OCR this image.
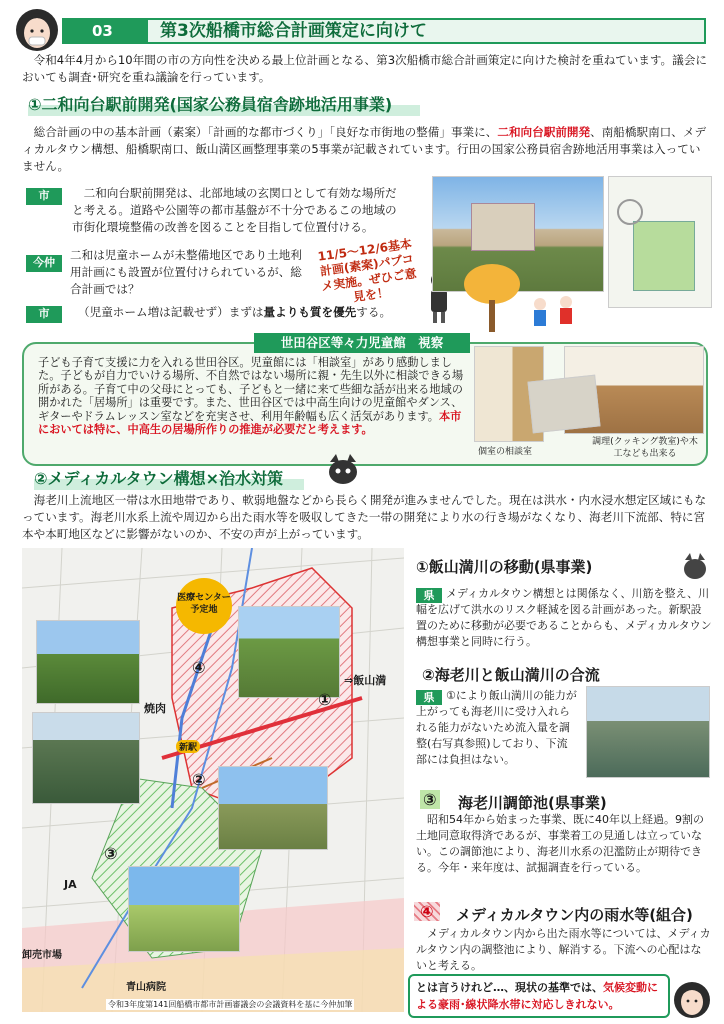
03	第3次船橋市総合計画策定に向けて

令和4年4月から10年間の市の方向性を決める最上位計画となる、第3次船橋市総合計画策定に向けた検討を重ねています。議会においても調査･研究を重ね議論を行っています。

①二和向台駅前開発(国家公務員宿舎跡地活用事業)

総合計画の中の基本計画（素案）「計画的な都市づくり」「良好な市街地の整備」事業に、二和向台駅前開発、南船橋駅南口、メディカルタウン構想、船橋駅南口、飯山満区画整理事業の5事業が記載されています。行田の国家公務員宿舎跡地活用事業は入っていません。

市	二和向台駅前開発は、北部地域の玄関口として有効な場所だと考える。道路や公園等の都市基盤が不十分であるこの地域の市街化環境整備の改善を図ることを目指して位置付ける。

今仲

二和は児童ホームが未整備地区であり土地利用計画にも設置が位置付けられているが、総合計画では？

11/5〜12/6基本計画(素案)パブコメ実施。ぜひご意見を！
市	（児童ホーム増は記載せず）まずは量よりも質を優先する。

世田谷区等々力児童館　視察

子ども子育て支援に力を入れる世田谷区。児童館には「相談室」があり感動しました。子どもが自力でいける場所、不自然ではない場所に親・先生以外に相談できる場所がある。子育て中の父母にとっても、子どもと一緒に来て些細な話が出来る地域の開かれた「居場所」は重要です。また、世田谷区では中高生向けの児童館やダンス、ギターやドラムレッスン室などを充実させ、利用年齢幅も広く活気があります。本市においては特に、中高生の居場所作りの推進が必要だと考えます。

個室の相談室
調理(クッキング教室)や木工なども出来る
②メディカルタウン構想×治水対策

海老川上流地区一帯は水田地帯であり、軟弱地盤などから長らく開発が進みませんでした。現在は洪水・内水浸水想定区域にもなっています。海老川水系上流や周辺から出た雨水等を吸収してきた一帯の開発により水の行き場がなくなり、海老川下流部、特に宮本や本町地区などに影響がないのか、不安の声が上がっています。

医療センター予定地
④
①
②
③
⇒飯山満
焼肉
新駅
JA
卸売市場
青山病院
令和3年度第141回船橋市都市計画審議会の会議資料を基に今仲加筆
①飯山満川の移動(県事業)
県	メディカルタウン構想とは関係なく、川筋を整え、川幅を広げて洪水のリスク軽減を図る計画があった。新駅設置のために移動が必要であることからも、メディカルタウン構想事業と同時に行う。

②海老川と飯山満川の合流
県	①により飯山満川の能力が上がっても海老川に受け入れられる能力がないため流入量を調整(右写真参照)しており、下流部には負担はない。

③ 海老川調節池(県事業)

昭和54年から始まった事業、既に40年以上経過。9割の土地同意取得済であるが、事業着工の見通しは立っていない。この調節池により、海老川水系の氾濫防止が期待できる。今年・来年度は、試掘調査を行っている。

④	メディカルタウン内の雨水等(組合)

メディカルタウン内から出た雨水等については、メディカルタウン内の調整池により、解消する。下流への心配はないと考える。

とは言うけれど…、現状の基準では、気候変動による豪雨･線状降水帯に対応しきれない。
